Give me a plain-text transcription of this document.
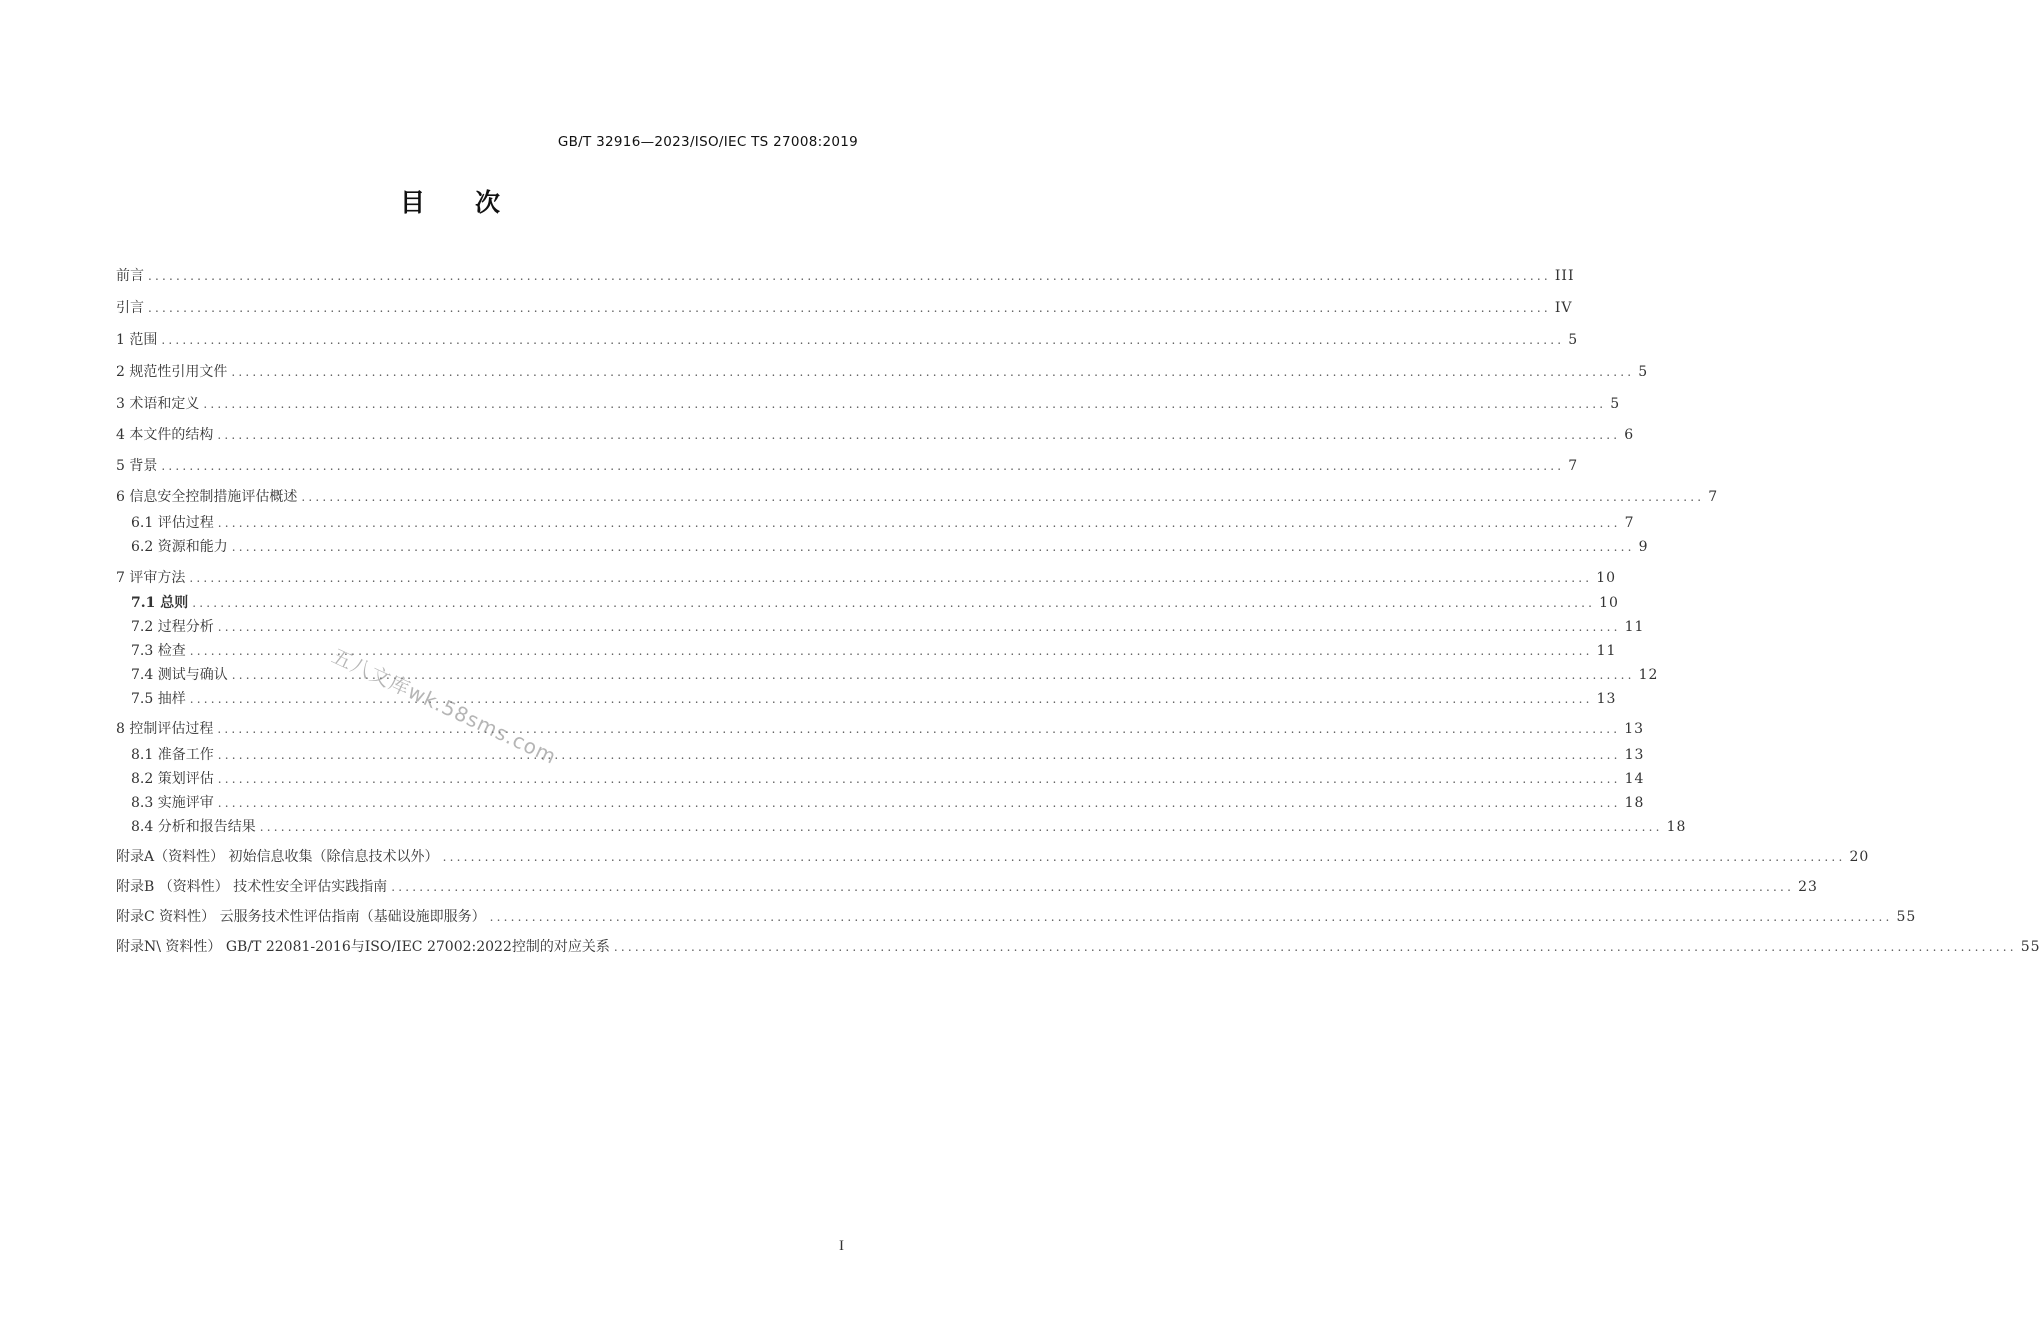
GB/T 32916—2023/ISO/IEC TS 27008:2019
目次
前言 ........................................................................................................................................................................................................ III
引言 ........................................................................................................................................................................................................ IV
1 范围 ........................................................................................................................................................................................................ 5
2 规范性引用文件 ........................................................................................................................................................................................................ 5
3 术语和定义 ........................................................................................................................................................................................................ 5
4 本文件的结构 ........................................................................................................................................................................................................ 6
5 背景 ........................................................................................................................................................................................................ 7
6 信息安全控制措施评估概述 ........................................................................................................................................................................................................ 7
6.1 评估过程 ........................................................................................................................................................................................................ 7
6.2 资源和能力 ........................................................................................................................................................................................................ 9
7 评审方法 ........................................................................................................................................................................................................ 10
7.1 总则 ........................................................................................................................................................................................................ 10
7.2 过程分析 ........................................................................................................................................................................................................ 11
7.3 检查 ........................................................................................................................................................................................................ 11
7.4 测试与确认 ........................................................................................................................................................................................................ 12
7.5 抽样 ........................................................................................................................................................................................................ 13
8 控制评估过程 ........................................................................................................................................................................................................ 13
8.1 准备工作 ........................................................................................................................................................................................................ 13
8.2 策划评估 ........................................................................................................................................................................................................ 14
8.3 实施评审 ........................................................................................................................................................................................................ 18
8.4 分析和报告结果 ........................................................................................................................................................................................................ 18
附录A（资料性） 初始信息收集（除信息技术以外） ........................................................................................................................................................................................................ 20
附录B （资料性） 技术性安全评估实践指南 ........................................................................................................................................................................................................ 23
附录C 资料性） 云服务技术性评估指南（基础设施即服务） ........................................................................................................................................................................................................ 55
附录N\ 资料性） GB/T 22081-2016与ISO/IEC 27002:2022控制的对应关系 ........................................................................................................................................................................................................ 55
五八文库wk.58sms.com
I
